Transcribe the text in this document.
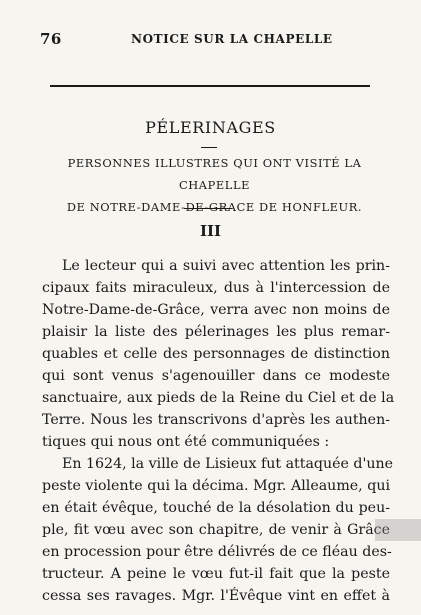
76	NOTICE SUR LA CHAPELLE
PÉLERINAGES
PERSONNES ILLUSTRES QUI ONT VISITÉ LA CHAPELLE
DE NOTRE-DAME-DE-GRACE DE HONFLEUR.
III
Le lecteur qui a suivi avec attention les prin-
cipaux faits miraculeux, dus à l'intercession de
Notre-Dame-de-Grâce, verra avec non moins de
plaisir la liste des pélerinages les plus remar-
quables et celle des personnages de distinction
qui sont venus s'agenouiller dans ce modeste
sanctuaire, aux pieds de la Reine du Ciel et de la
Terre. Nous les transcrivons d'après les authen-
tiques qui nous ont été communiquées :
En 1624, la ville de Lisieux fut attaquée d'une
peste violente qui la décima. Mgr. Alleaume, qui
en était évêque, touché de la désolation du peu-
ple, fit vœu avec son chapitre, de venir à Grâce
en procession pour être délivrés de ce fléau des-
tructeur. A peine le vœu fut-il fait que la peste
cessa ses ravages. Mgr. l'Évêque vint en effet à
